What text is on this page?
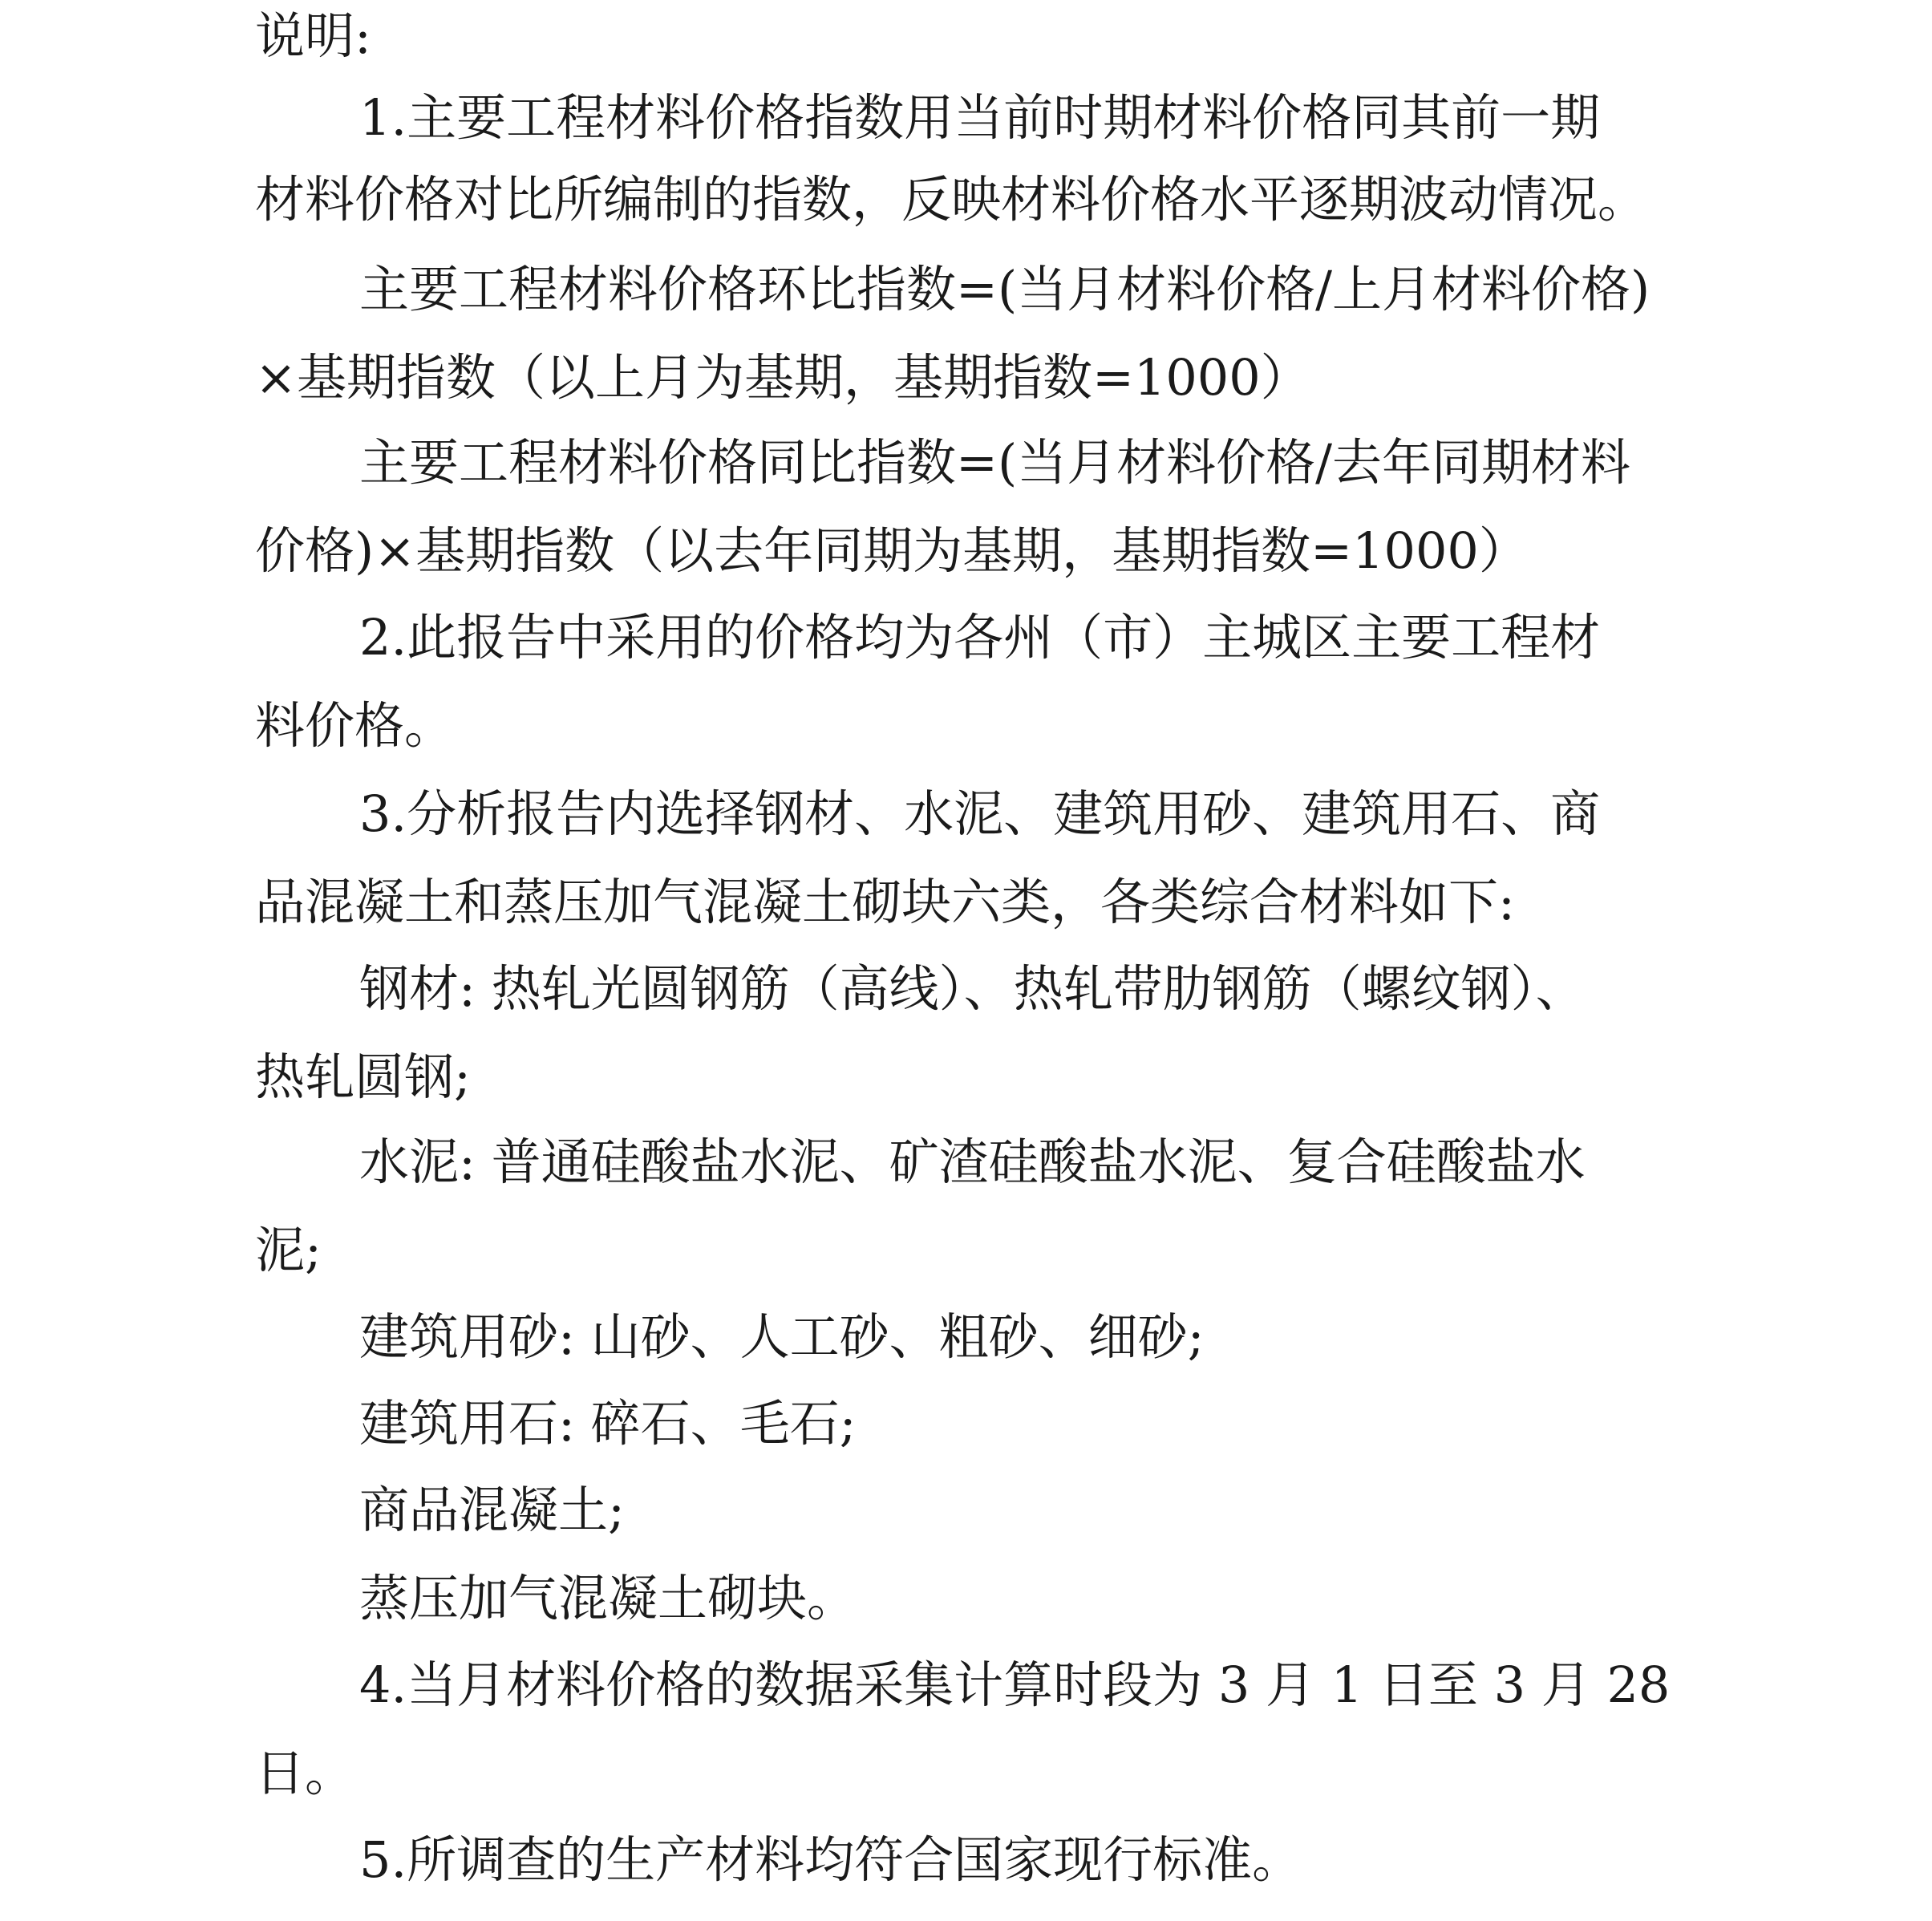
说明:
1.主要工程材料价格指数用当前时期材料价格同其前一期
材料价格对比所编制的指数，反映材料价格水平逐期波动情况。
主要工程材料价格环比指数=(当月材料价格/上月材料价格)
×基期指数（以上月为基期，基期指数=1000）
主要工程材料价格同比指数=(当月材料价格/去年同期材料
价格)×基期指数（以去年同期为基期，基期指数=1000）
2.此报告中采用的价格均为各州（市）主城区主要工程材
料价格。
3.分析报告内选择钢材、水泥、建筑用砂、建筑用石、商
品混凝土和蒸压加气混凝土砌块六类，各类综合材料如下:
钢材: 热轧光圆钢筋（高线）、热轧带肋钢筋（螺纹钢）、
热轧圆钢;
水泥: 普通硅酸盐水泥、矿渣硅酸盐水泥、复合硅酸盐水
泥;
建筑用砂: 山砂、人工砂、粗砂、细砂;
建筑用石: 碎石、毛石;
商品混凝土;
蒸压加气混凝土砌块。
4.当月材料价格的数据采集计算时段为 3 月 1 日至 3 月 28
日。
5.所调查的生产材料均符合国家现行标准。
